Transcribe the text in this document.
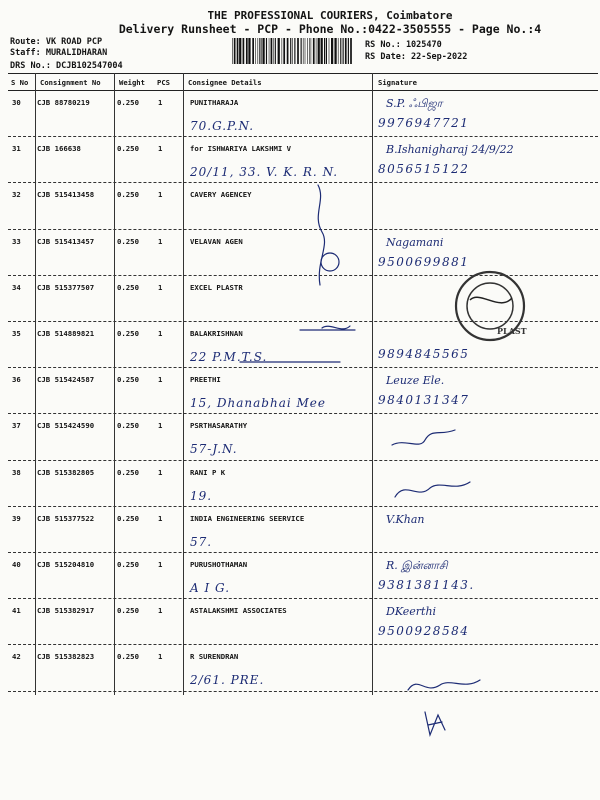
THE PROFESSIONAL COURIERS, Coimbatore
Delivery Runsheet - PCP - Phone No.:0422-3505555 - Page No.:4
Route: VK ROAD PCP
Staff: MURALIDHARAN
DRS No.: DCJB102547004
RS No.: 1025470
RS Date: 22-Sep-2022
S No Consignment No	Weight PCS	Consignee Details	Signature
30 CJB 88780219	0.250	1	PUNITHARAJA
70.G.P.N.
S.P. ஃபிஜா
9976947721
31 CJB 166638	0.250	1	for ISHWARIYA LAKSHMI V
20/11, 33. V. K. R. N.
B.Ishanigharaj 24/9/22
8056515122
32 CJB 515413458	0.250	1	CAVERY AGENCEY
33 CJB 515413457	0.250	1	VELAVAN AGEN	Nagamani
9500699881
34 CJB 515377507	0.250	1	EXCEL PLASTR
35 CJB 514889821	0.250	1	BALAKRISHNAN
22 P.M.T.S.	9894845565
36 CJB 515424587	0.250	1	PREETHI
15, Dhanabhai Mee
Leuze Ele.
9840131347
37 CJB 515424590	0.250	1	PSRTHASARATHY
57-J.N.
38 CJB 515382805	0.250	1	RANI P K
19.
39 CJB 515377522	0.250	1	INDIA ENGINEERING SEERVICE
57.
V.Khan
40 CJB 515204810	0.250	1	PURUSHOTHAMAN
A I G.
R. இன்னாசி
9381381143.
41 CJB 515382917	0.250	1	ASTALAKSHMI ASSOCIATES	DKeerthi
9500928584
42 CJB 515382823	0.250	1	R SURENDRAN
2/61. PRE.
PLAST
